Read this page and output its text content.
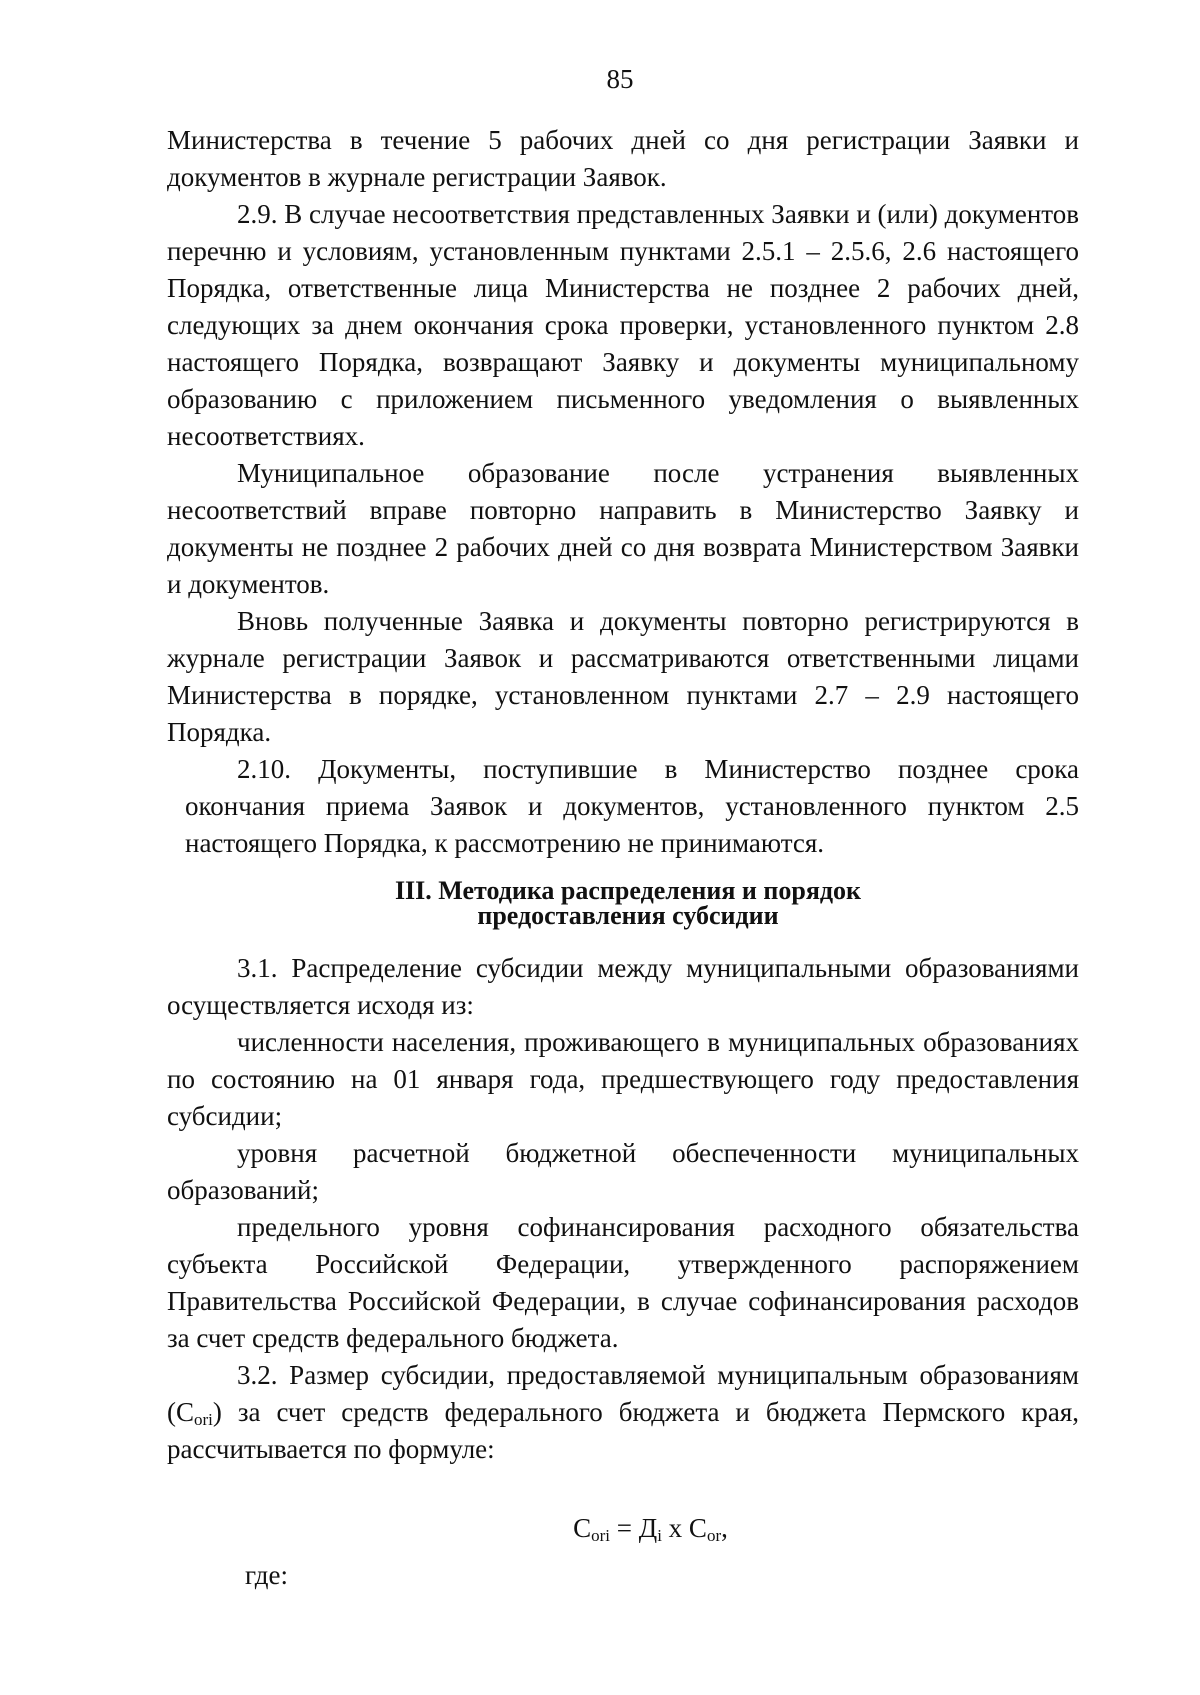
85

Министерства в течение 5 рабочих дней со дня регистрации Заявки и документов в журнале регистрации Заявок.

2.9. В случае несоответствия представленных Заявки и (или) документов перечню и условиям, установленным пунктами 2.5.1 – 2.5.6, 2.6 настоящего Порядка, ответственные лица Министерства не позднее 2 рабочих дней, следующих за днем окончания срока проверки, установленного пунктом 2.8 настоящего Порядка, возвращают Заявку и документы муниципальному образованию с приложением письменного уведомления о выявленных несоответствиях.

Муниципальное образование после устранения выявленных несоответствий вправе повторно направить в Министерство Заявку и документы не позднее 2 рабочих дней со дня возврата Министерством Заявки и документов.

Вновь полученные Заявка и документы повторно регистрируются в журнале регистрации Заявок и рассматриваются ответственными лицами Министерства в порядке, установленном пунктами 2.7 – 2.9 настоящего Порядка.

2.10. Документы, поступившие в Министерство позднее срока окончания приема Заявок и документов, установленного пунктом 2.5 настоящего Порядка, к рассмотрению не принимаются.

III. Методика распределения и порядок
предоставления субсидии

3.1. Распределение субсидии между муниципальными образованиями осуществляется исходя из:

численности населения, проживающего в муниципальных образованиях по состоянию на 01 января года, предшествующего году предоставления субсидии;

уровня расчетной бюджетной обеспеченности муниципальных образований;

предельного уровня софинансирования расходного обязательства субъекта Российской Федерации, утвержденного распоряжением Правительства Российской Федерации, в случае софинансирования расходов за счет средств федерального бюджета.

3.2. Размер субсидии, предоставляемой муниципальным образованиям $(С_{ori})$ за счет средств федерального бюджета и бюджета Пермского края, рассчитывается по формуле:

$С_{ori} = Д_i$ х $С_{or}$,
где:
